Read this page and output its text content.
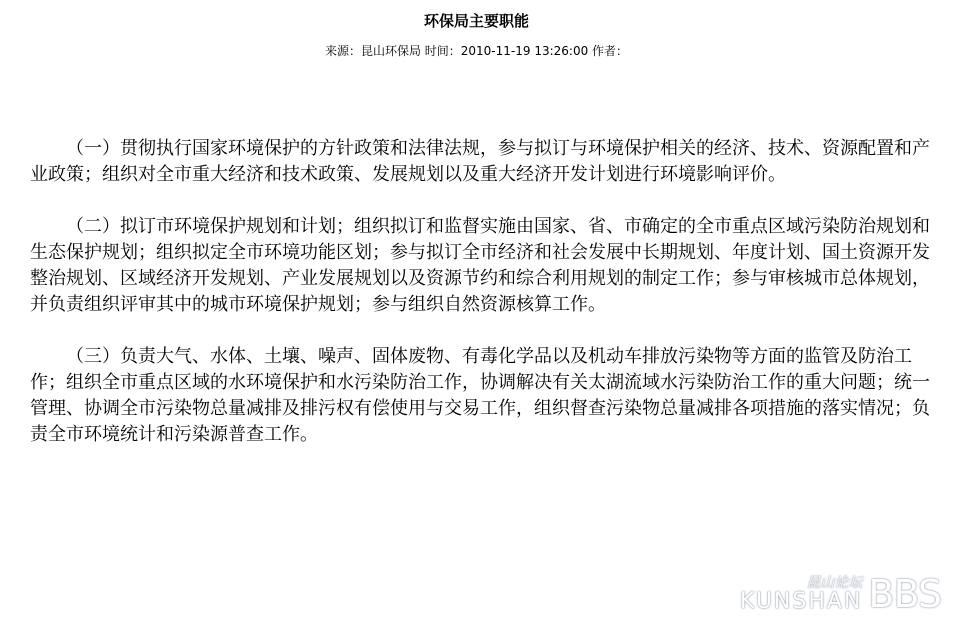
环保局主要职能
来源：昆山环保局 时间：2010-11-19 13:26:00 作者：

（一）贯彻执行国家环境保护的方针政策和法律法规，参与拟订与环境保护相关的经济、技术、资源配置和产业政策；组织对全市重大经济和技术政策、发展规划以及重大经济开发计划进行环境影响评价。

（二）拟订市环境保护规划和计划；组织拟订和监督实施由国家、省、市确定的全市重点区域污染防治规划和生态保护规划；组织拟定全市环境功能区划；参与拟订全市经济和社会发展中长期规划、年度计划、国土资源开发整治规划、区域经济开发规划、产业发展规划以及资源节约和综合利用规划的制定工作；参与审核城市总体规划，并负责组织评审其中的城市环境保护规划；参与组织自然资源核算工作。

（三）负责大气、水体、土壤、噪声、固体废物、有毒化学品以及机动车排放污染物等方面的监管及防治工作；组织全市重点区域的水环境保护和水污染防治工作，协调解决有关太湖流域水污染防治工作的重大问题；统一管理、协调全市污染物总量减排及排污权有偿使用与交易工作，组织督查污染物总量减排各项措施的落实情况；负责全市环境统计和污染源普查工作。

昆山论坛
KUNSHAN BBS
